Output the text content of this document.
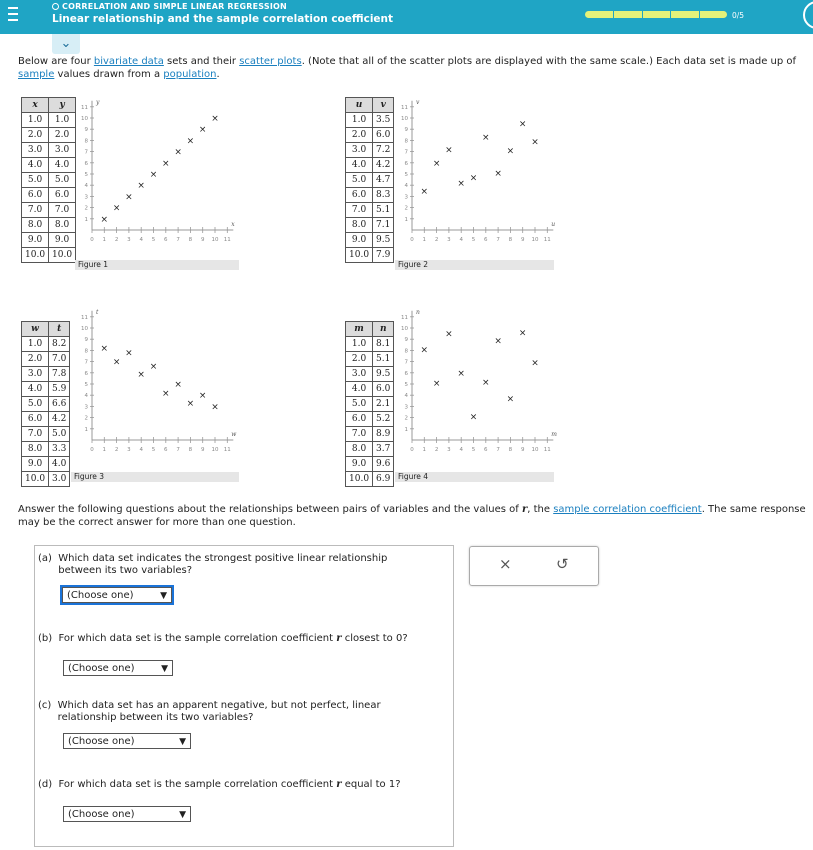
CORRELATION AND SIMPLE LINEAR REGRESSION
Linear relationship and the sample correlation coefficient	0/5
⌄
Below are four bivariate data sets and their scatter plots. (Note that all of the scatter plots are displayed with the same scale.) Each data set is made up of sample values drawn from a population.
x	y
1.0	1.0
2.0	2.0
3.0	3.0
4.0	4.0
5.0	5.0
6.0	6.0
7.0	7.0
8.0	8.0
9.0	9.0
10.0	10.0
u	v
1.0	3.5
2.0	6.0
3.0	7.2
4.0	4.2
5.0	4.7
6.0	8.3
7.0	5.1
8.0	7.1
9.0	9.5
10.0	7.9
w	t
1.0	8.2
2.0	7.0
3.0	7.8
4.0	5.9
5.0	6.6
6.0	4.2
7.0	5.0
8.0	3.3
9.0	4.0
10.0	3.0
m	n
1.0	8.1
2.0	5.1
3.0	9.5
4.0	6.0
5.0	2.1
6.0	5.2
7.0	8.9
8.0	3.7
9.0	9.6
10.0	6.9
Figure 1	Figure 2
Figure 3	Figure 4
0 1 2 3 4 5 6 7 8 9 10 11
1
2
3
4
5
6
7
8
9
10
11
y
x
×
×
×
×
×
×
×
×
×
×
0 1 2 3 4 5 6 7 8 9 10 11
1
2
3
4
5
6
7
8
9
10
11
v
u
×
×
×
×
×
×
×
×
×
×
0 1 2 3 4 5 6 7 8 9 10 11
1
2
3
4
5
6
7
8
9
10
11
t
w
×
×
×
×
×
×
×
×
×
×
0 1 2 3 4 5 6 7 8 9 10 11
1
2
3
4
5
6
7
8
9
10
11
n
m
×
×
×
×
×
×
×
×
×
×
Answer the following questions about the relationships between pairs of variables and the values of r, the sample correlation coefficient. The same response may be the correct answer for more than one question.
(a) Which data set indicates the strongest positive linear relationship between its two variables?
(Choose one)	▼
(b) For which data set is the sample correlation coefficient r closest to 0?
(Choose one)	▼
(c) Which data set has an apparent negative, but not perfect, linear relationship between its two variables?
(Choose one)	▼
(d) For which data set is the sample correlation coefficient r equal to 1?
(Choose one)	▼
×	↺
